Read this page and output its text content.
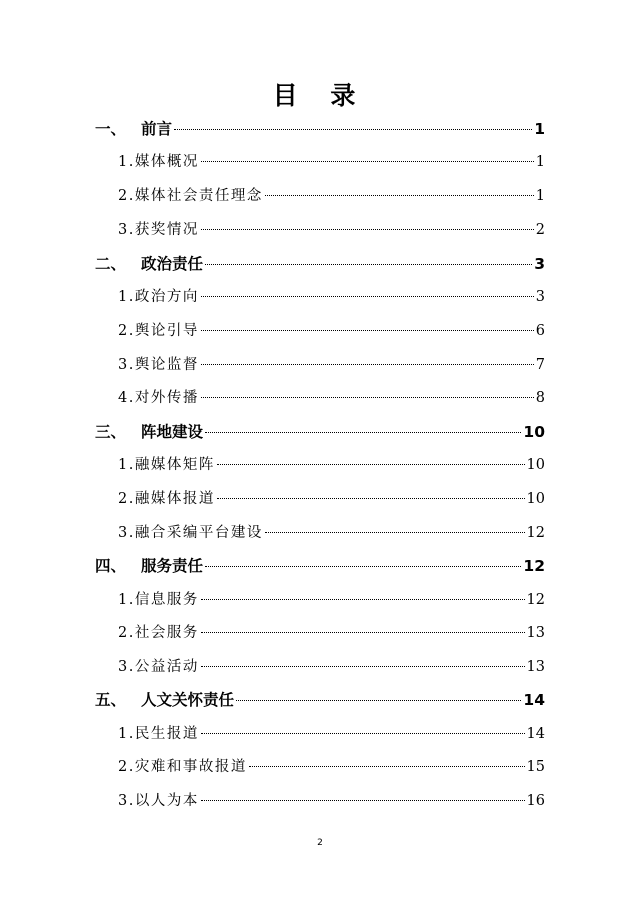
目 录
一、 前言	1
1. 媒体概况	1
2. 媒体社会责任理念	1
3. 获奖情况	2
二、 政治责任	3
1. 政治方向	3
2. 舆论引导	6
3. 舆论监督	7
4. 对外传播	8
三、 阵地建设	10
1. 融媒体矩阵	10
2. 融媒体报道	10
3. 融合采编平台建设	12
四、 服务责任	12
1. 信息服务	12
2. 社会服务	13
3. 公益活动	13
五、 人文关怀责任	14
1. 民生报道	14
2. 灾难和事故报道	15
3. 以人为本	16
2
